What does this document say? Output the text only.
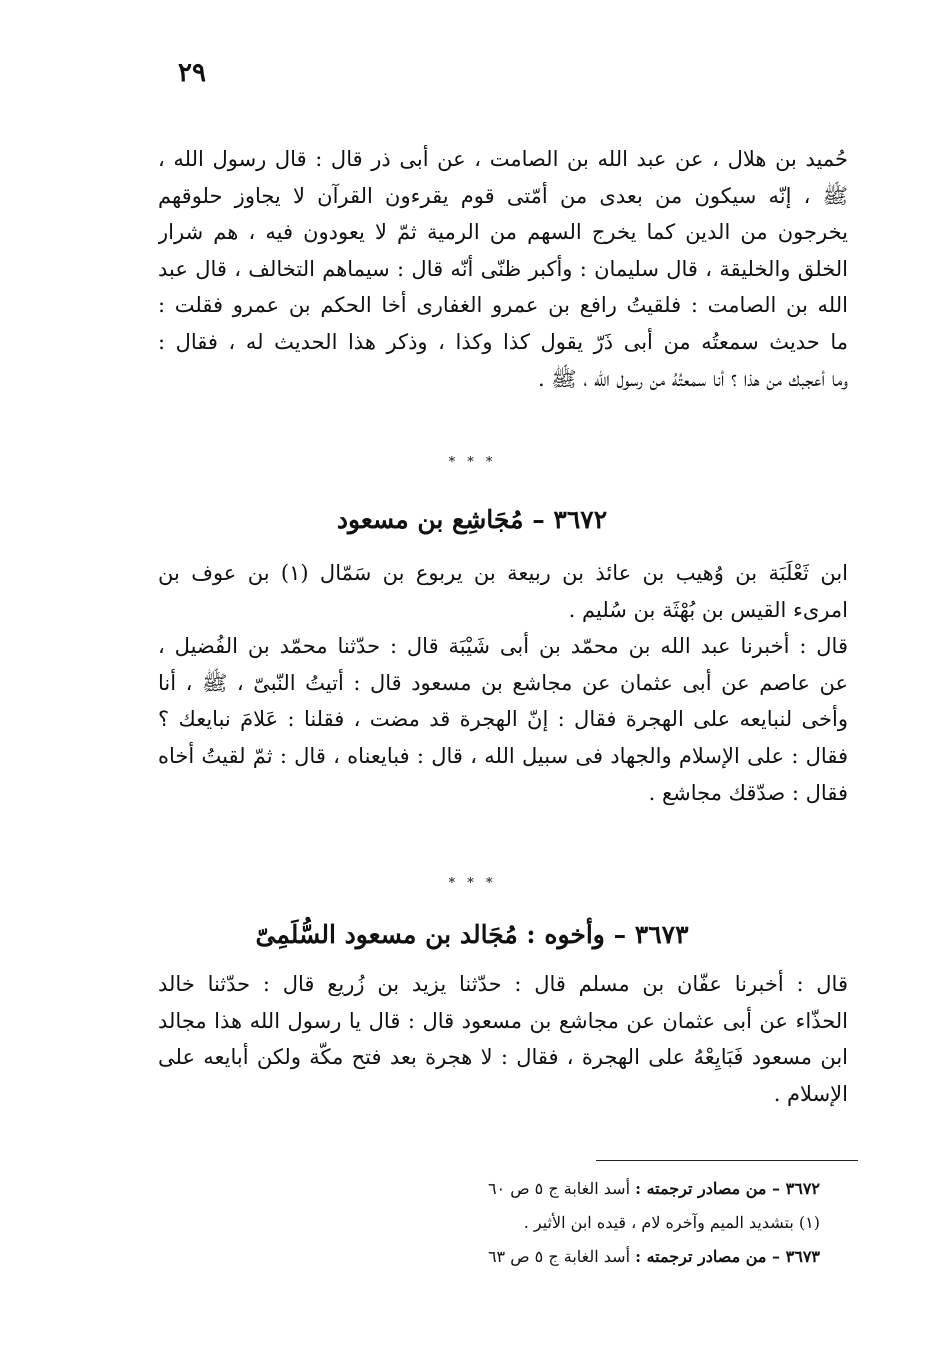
٢٩
حُميد بن هلال ، عن عبد الله بن الصامت ، عن أبى ذر قال : قال رسول الله ،
ﷺ ، إنّه سيكون من بعدى من أمّتى قوم يقرءون القرآن لا يجاوز حلوقهم
يخرجون من الدين كما يخرج السهم من الرمية ثمّ لا يعودون فيه ، هم شرار
الخلق والخليقة ، قال سليمان : وأكبر ظنّى أنّه قال : سيماهم التخالف ، قال عبد
الله بن الصامت : فلقيتُ رافع بن عمرو الغفارى أخا الحكم بن عمرو فقلت :
ما حديث سمعتُه من أبى ذَرّ يقول كذا وكذا ، وذكر هذا الحديث له ، فقال :
وما أعجبك من هذا ؟ أنا سمعتُهُ من رسول الله ، ﷺ .
* * *
٣٦٧٢ – مُجَاشِع بن مسعود
ابن ثَعْلَبَة بن وُهيب بن عائذ بن ربيعة بن يربوع بن سَمّال (١) بن عوف بن
امرىء القيس بن بُهْثَة بن سُليم .
قال : أخبرنا عبد الله بن محمّد بن أبى شَيْبَة قال : حدّثنا محمّد بن الفُضيل ،
عن عاصم عن أبى عثمان عن مجاشع بن مسعود قال : أتيتُ النّبىّ ، ﷺ ، أنا
وأخى لنبايعه على الهجرة فقال : إنّ الهجرة قد مضت ، فقلنا : عَلامَ نبايعك ؟
فقال : على الإسلام والجهاد فى سبيل الله ، قال : فبايعناه ، قال : ثمّ لقيتُ أخاه
فقال : صدّقك مجاشع .
* * *
٣٦٧٣ – وأخوه : مُجَالد بن مسعود السُّلَمِىّ
قال : أخبرنا عفّان بن مسلم قال : حدّثنا يزيد بن زُريع قال : حدّثنا خالد
الحذّاء عن أبى عثمان عن مجاشع بن مسعود قال : قال يا رسول الله هذا مجالد
ابن مسعود فَبَايِعْهُ على الهجرة ، فقال : لا هجرة بعد فتح مكّة ولكن أبايعه على
الإسلام .
٣٦٧٢ – من مصادر ترجمته : أسد الغابة ج ٥ ص ٦٠
(١) بتشديد الميم وآخره لام ، قيده ابن الأثير .
٣٦٧٣ – من مصادر ترجمته : أسد الغابة ج ٥ ص ٦٣
